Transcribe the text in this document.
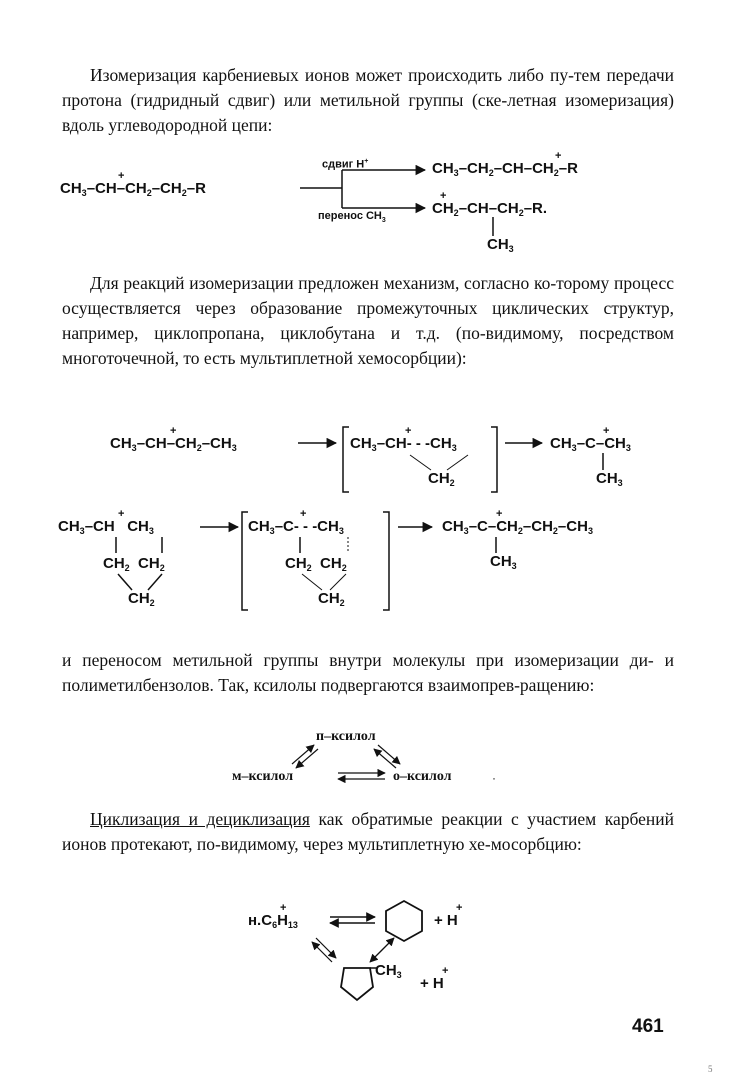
Изомеризация карбениевых ионов может происходить либо пу-тем передачи протона (гидридный сдвиг) или метильной группы (ске-летная изомеризация) вдоль углеводородной цепи:
$CH_3-CH-CH_2-CH_2-R$
+
сдвиг H+
перенос $CH_3$
$CH_3-CH_2-CH-CH_2-R$
+
$CH_2-CH-CH_2-R$.
+
$CH_3$
Для реакций изомеризации предложен механизм, согласно ко-торому процесс осуществляется через образование промежуточных циклических структур, например, циклопропана, циклобутана и т.д. (по-видимому, посредством многоточечной, то есть мультиплетной хемосорбции):
$CH_3-CH-CH_2-CH_3$
+
$CH_3-CH- - -CH_3$
+
$CH_2$
$CH_3-C-CH_3$
+
$CH_3$
$CH_3-CH$   $CH_3$
+
$CH_2$  $CH_2$
$CH_2$
$CH_3-C- - -CH_3$
+
$CH_2$  $CH_2$
$CH_2$
$CH_3-C-CH_2-CH_2-CH_3$
+
$CH_3$
и переносом метильной группы внутри молекулы при изомеризации ди- и полиметилбензолов. Так, ксилолы подвергаются взаимопрев-ращению:
п–ксилол
м–ксилол	о–ксилол
Циклизация и дециклизация как обратимые реакции с участием карбений ионов протекают, по-видимому, через мультиплетную хе-мосорбцию:
$н.C_6H_{13}$
+
+ H
+
$CH_3 + H$
+
461
5
·
